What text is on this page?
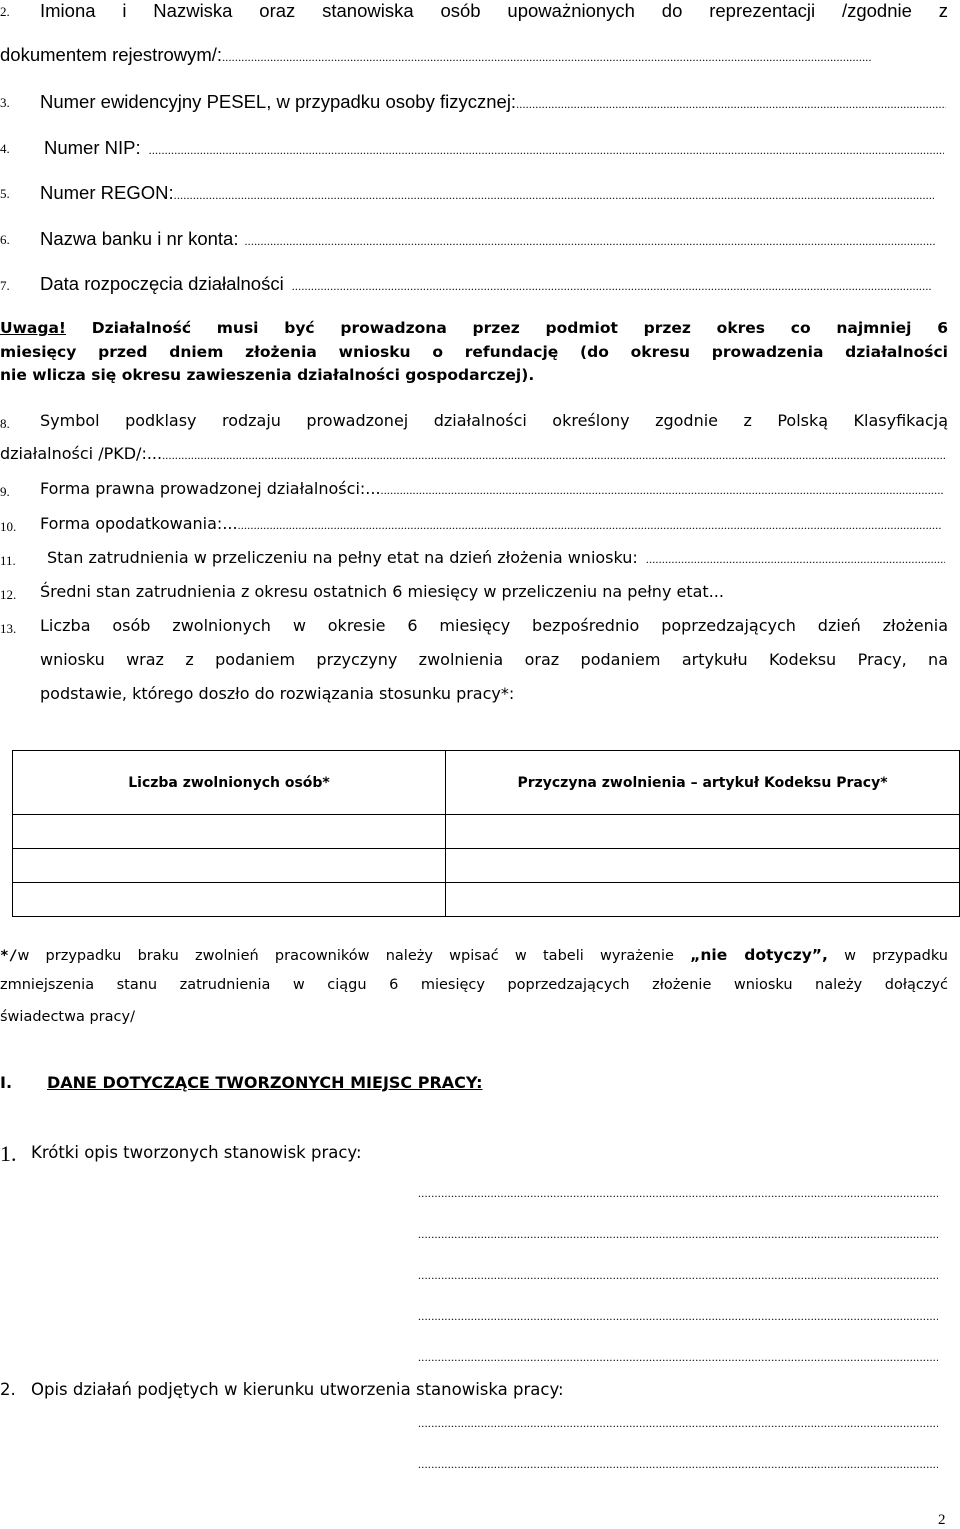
2. Imiona i Nazwiska oraz stanowiska osób upoważnionych do reprezentacji /zgodnie z
dokumentem rejestrowym/:
.....
3. Numer ewidencyjny PESEL, w przypadku osoby fizycznej:
.....
4. Numer NIP:
.....
5. Numer REGON:
.....
6. Nazwa banku i nr konta:
.....
7. Data rozpoczęcia działalności
.....
Uwaga! Działalność musi być prowadzona przez podmiot przez okres co najmniej 6
miesięcy przed dniem złożenia wniosku o refundację (do okresu prowadzenia działalności
nie wlicza się okresu zawieszenia działalności gospodarczej).
8. Symbol podklasy rodzaju prowadzonej działalności określony zgodnie z Polską Klasyfikacją
działalności /PKD/:...
.....
9. Forma prawna prowadzonej działalności:...
.....
10. Forma opodatkowania:...
.....
11. Stan zatrudnienia w przeliczeniu na pełny etat na dzień złożenia wniosku:
.....
12. Średni stan zatrudnienia z okresu ostatnich 6 miesięcy w przeliczeniu na pełny etat...
13. Liczba osób zwolnionych w okresie 6 miesięcy bezpośrednio poprzedzających dzień złożenia
wniosku wraz z podaniem przyczyny zwolnienia oraz podaniem artykułu Kodeksu Pracy, na
podstawie, którego doszło do rozwiązania stosunku pracy*:
Liczba zwolnionych osób*	Przyczyna zwolnienia – artykuł Kodeksu Pracy*

*/w przypadku braku zwolnień pracowników należy wpisać w tabeli wyrażenie „nie dotyczy”, w przypadku
zmniejszenia stanu zatrudnienia w ciągu 6 miesięcy poprzedzających złożenie wniosku należy dołączyć
świadectwa pracy/
I. DANE DOTYCZĄCE TWORZONYCH MIEJSC PRACY:
1. Krótki opis tworzonych stanowisk pracy:
.....
.....
.....
.....
.....
2. Opis działań podjętych w kierunku utworzenia stanowiska pracy:
.....
.....
2
